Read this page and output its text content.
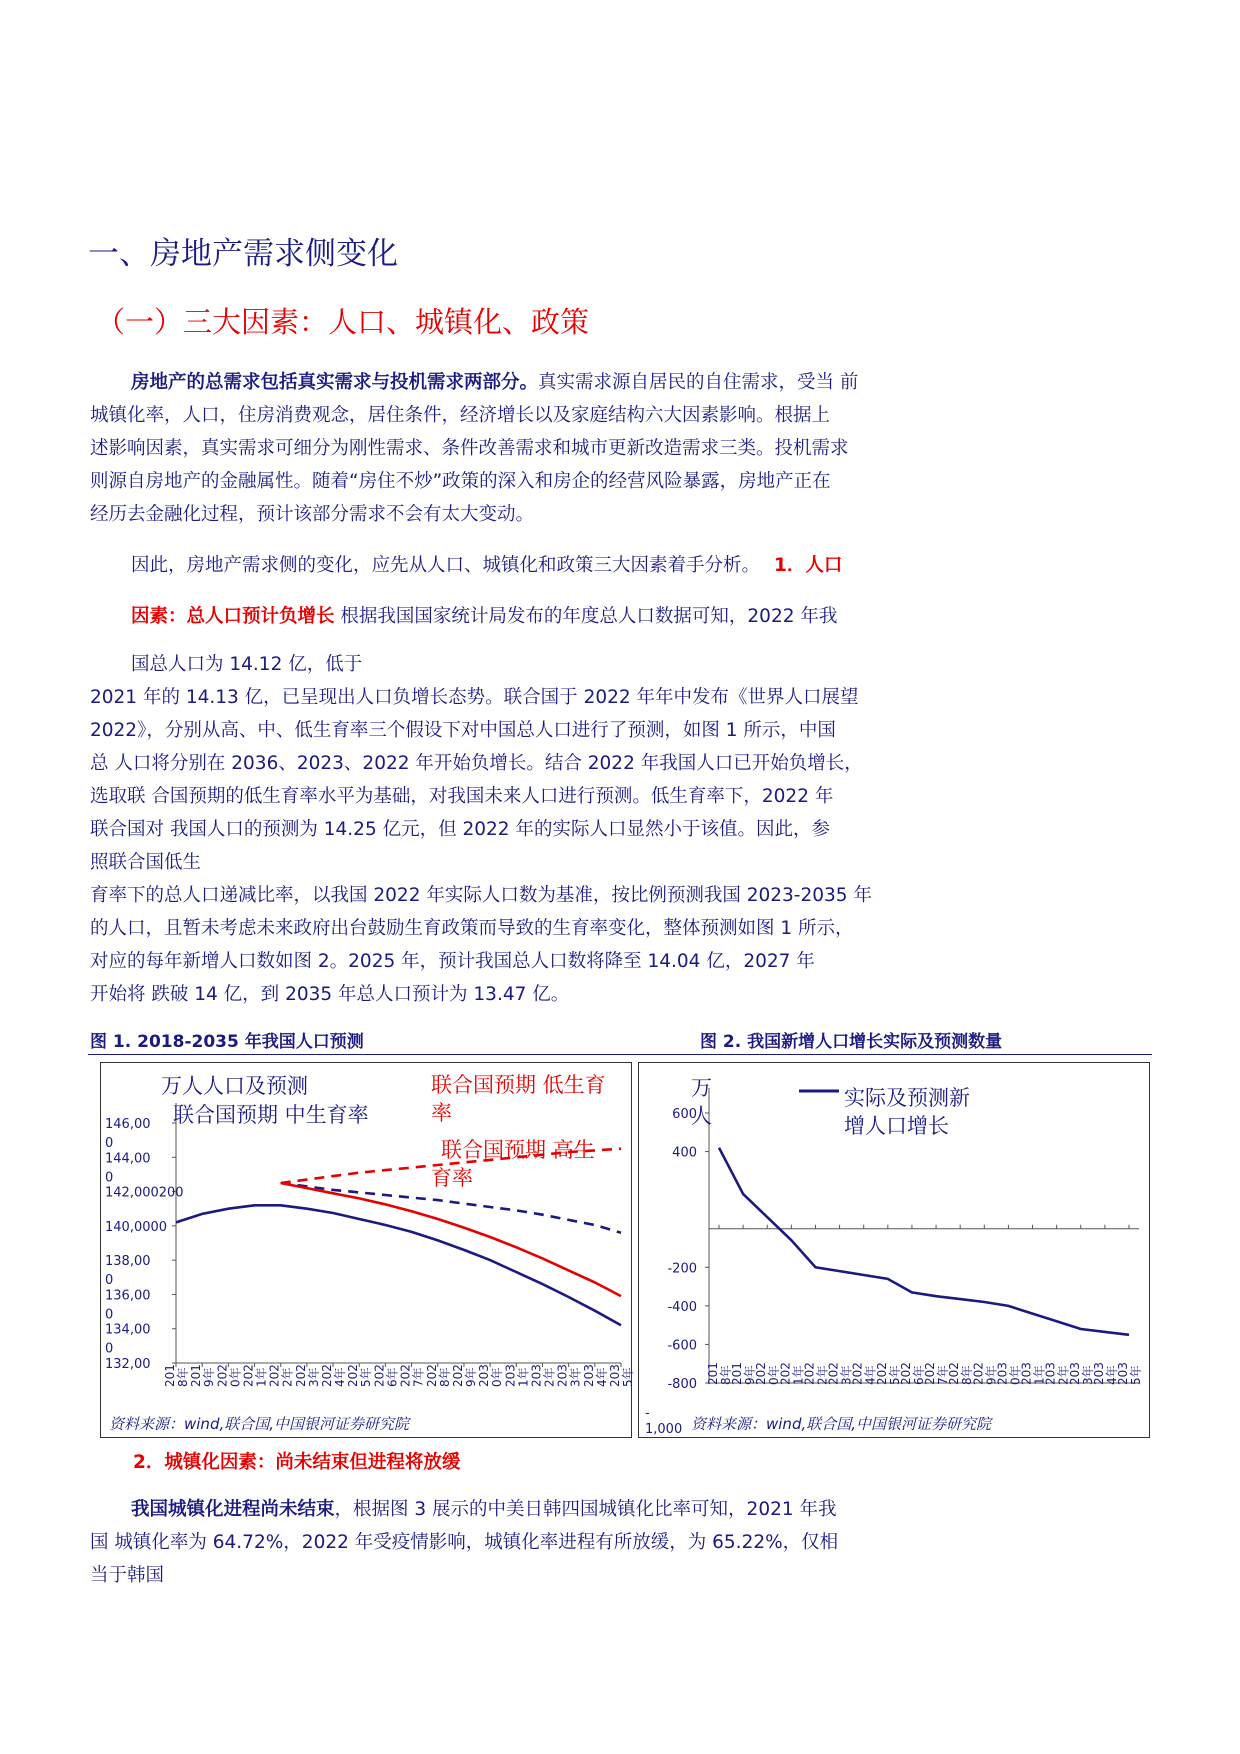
一、房地产需求侧变化
（一）三大因素：人口、城镇化、政策
房地产的总需求包括真实需求与投机需求两部分。真实需求源自居民的自住需求，受当 前
城镇化率，人口，住房消费观念，居住条件，经济增长以及家庭结构六大因素影响。根据上
述影响因素，真实需求可细分为刚性需求、条件改善需求和城市更新改造需求三类。投机需求
则源自房地产的金融属性。随着“房住不炒”政策的深入和房企的经营风险暴露，房地产正在
经历去金融化过程，预计该部分需求不会有太大变动。
因此，房地产需求侧的变化，应先从人口、城镇化和政策三大因素着手分析。 1．人口
因素：总人口预计负增长 根据我国国家统计局发布的年度总人口数据可知，2022 年我
国总人口为 14.12 亿，低于
2021 年的 14.13 亿，已呈现出人口负增长态势。联合国于 2022 年年中发布《世界人口展望
2022》，分别从高、中、低生育率三个假设下对中国总人口进行了预测，如图 1 所示，中国
总 人口将分别在 2036、2023、2022 年开始负增长。结合 2022 年我国人口已开始负增长，
选取联 合国预期的低生育率水平为基础，对我国未来人口进行预测。低生育率下，2022 年
联合国对 我国人口的预测为 14.25 亿元，但 2022 年的实际人口显然小于该值。因此，参
照联合国低生
育率下的总人口递减比率，以我国 2022 年实际人口数为基准，按比例预测我国 2023-2035 年
的人口，且暂未考虑未来政府出台鼓励生育政策而导致的生育率变化，整体预测如图 1 所示，
对应的每年新增人口数如图 2。2025 年，预计我国总人口数将降至 14.04 亿，2027 年
开始将 跌破 14 亿，到 2035 年总人口预计为 13.47 亿。
图 1. 2018-2035 年我国人口预测	图 2. 我国新增人口增长实际及预测数量
146,00
0
144,00
0
142,000200
140,0000
138,00
0
136,00
0
134,00
0
132,00 201 8年 201 9年 202 0年 202 1年 202 2年 202 3年 202 4年 202 5年 202 6年 202 7年 202 8年 202 9年 203 0年 203 1年 203 2年 203 3年 203 4年 203 5年
万人人口及预测
联合国预期 中生育率
联合国预期 低生育
率
联合国预期 高生
育率
资料来源：wind,联合国,中国银河证券研究院
600
400
-200
-400
-600
-800
-
1,000
201 8年
201 9年
202 0年
202 1年
202 2年
202 3年
202 4年
202 5年
202 6年
202 7年
202 8年
202 9年
203 0年
203 1年
203 2年
203 3年
203 4年
203 5年
万
人
实际及预测新
增人口增长
资料来源：wind,联合国,中国银河证券研究院
2．城镇化因素：尚未结束但进程将放缓
我国城镇化进程尚未结束，根据图 3 展示的中美日韩四国城镇化比率可知，2021 年我
国 城镇化率为 64.72%，2022 年受疫情影响，城镇化率进程有所放缓，为 65.22%，仅相
当于韩国
